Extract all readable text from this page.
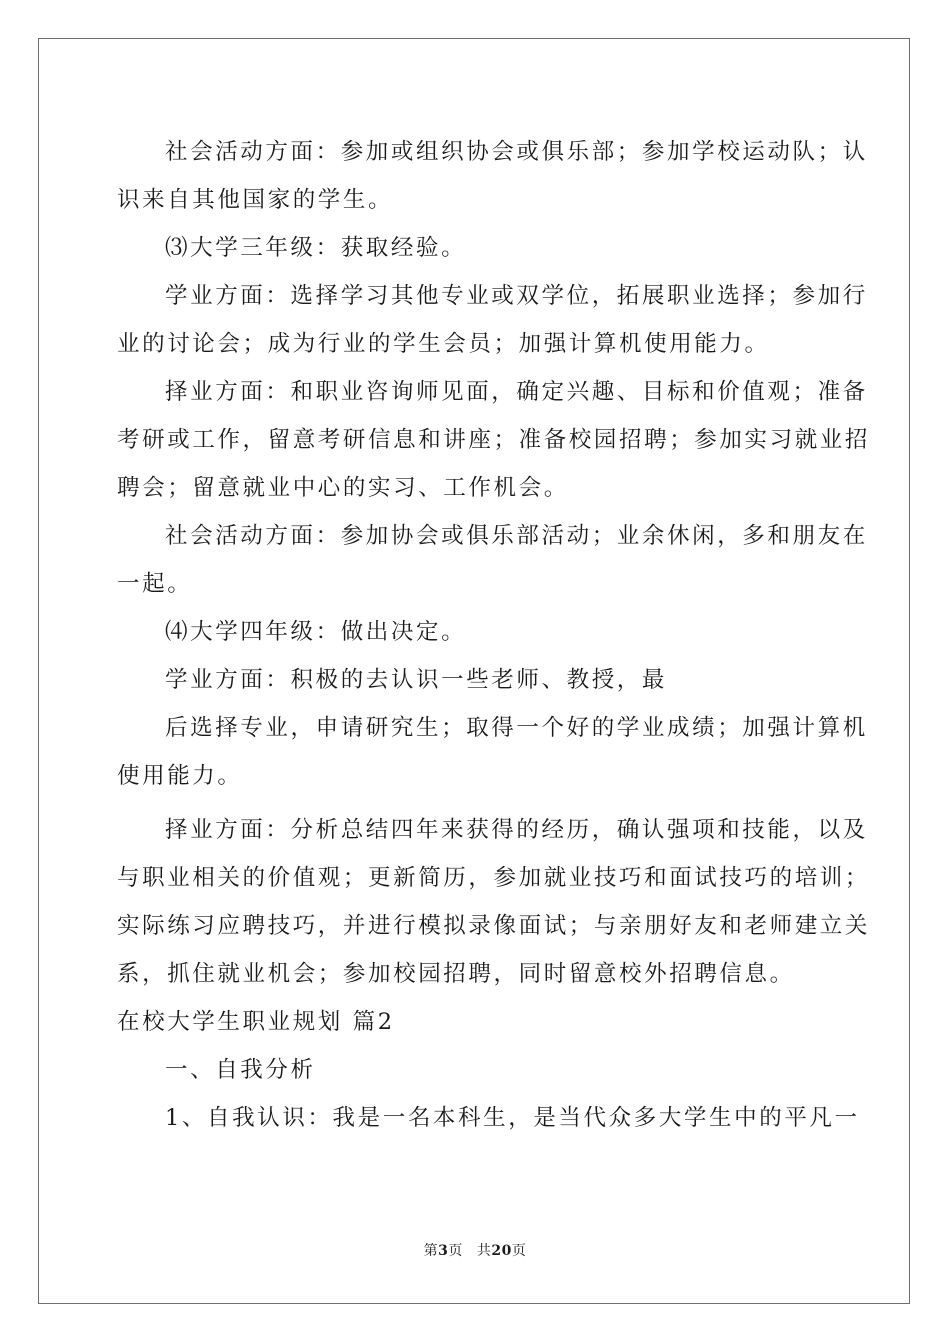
社会活动方面：参加或组织协会或俱乐部；参加学校运动队；认
识来自其他国家的学生。
⑶大学三年级：获取经验。
学业方面：选择学习其他专业或双学位，拓展职业选择；参加行
业的讨论会；成为行业的学生会员；加强计算机使用能力。
择业方面：和职业咨询师见面，确定兴趣、目标和价值观；准备
考研或工作，留意考研信息和讲座；准备校园招聘；参加实习就业招
聘会；留意就业中心的实习、工作机会。
社会活动方面：参加协会或俱乐部活动；业余休闲，多和朋友在
一起。
⑷大学四年级：做出决定。
学业方面：积极的去认识一些老师、教授，最
后选择专业，申请研究生；取得一个好的学业成绩；加强计算机
使用能力。
择业方面：分析总结四年来获得的经历，确认强项和技能，以及
与职业相关的价值观；更新简历，参加就业技巧和面试技巧的培训；
实际练习应聘技巧，并进行模拟录像面试；与亲朋好友和老师建立关
系，抓住就业机会；参加校园招聘，同时留意校外招聘信息。
在校大学生职业规划 篇2
一、自我分析
1、自我认识：我是一名本科生，是当代众多大学生中的平凡一
第3页 共20页
